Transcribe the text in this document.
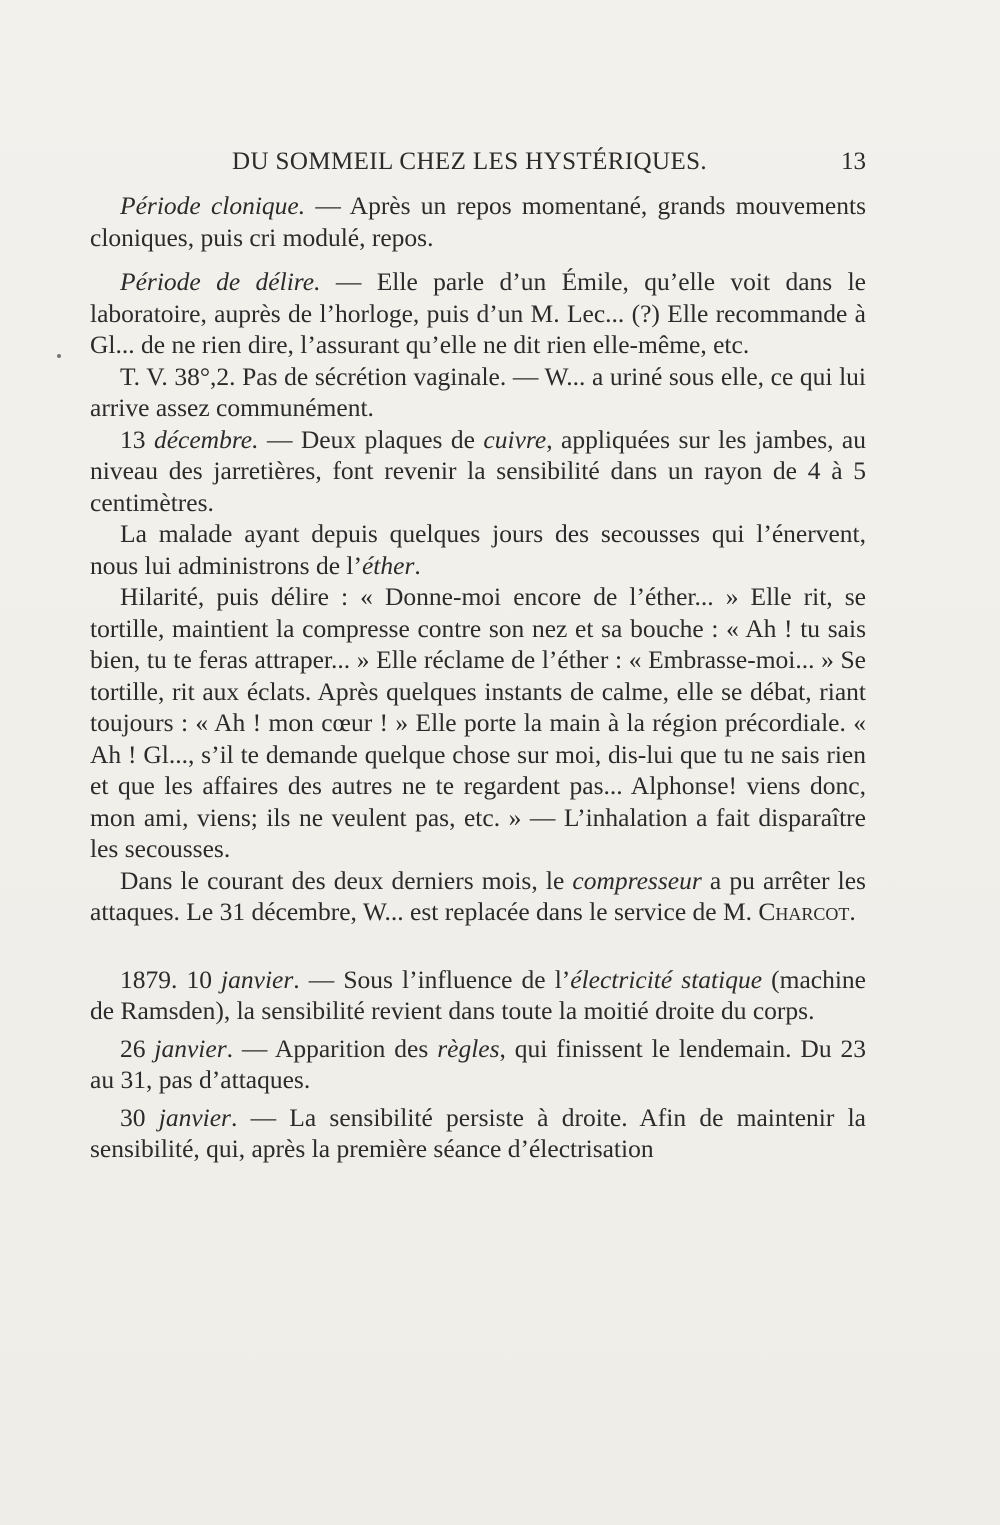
DU SOMMEIL CHEZ LES HYSTÉRIQUES.	13

Période clonique. — Après un repos momentané, grands mouvements cloniques, puis cri modulé, repos.

Période de délire. — Elle parle d’un Émile, qu’elle voit dans le laboratoire, auprès de l’horloge, puis d’un M. Lec... (?) Elle recommande à Gl... de ne rien dire, l’assurant qu’elle ne dit rien elle-même, etc.

T. V. 38°,2. Pas de sécrétion vaginale. — W... a uriné sous elle, ce qui lui arrive assez communément.

13 décembre. — Deux plaques de cuivre, appliquées sur les jambes, au niveau des jarretières, font revenir la sensibilité dans un rayon de 4 à 5 centimètres.

La malade ayant depuis quelques jours des secousses qui l’énervent, nous lui administrons de l’éther.

Hilarité, puis délire : « Donne-moi encore de l’éther... » Elle rit, se tortille, maintient la compresse contre son nez et sa bouche : « Ah ! tu sais bien, tu te feras attraper... » Elle réclame de l’éther : « Embrasse-moi... » Se tortille, rit aux éclats. Après quelques instants de calme, elle se débat, riant toujours : « Ah ! mon cœur ! » Elle porte la main à la région précordiale. « Ah ! Gl..., s’il te demande quelque chose sur moi, dis-lui que tu ne sais rien et que les affaires des autres ne te regardent pas... Alphonse! viens donc, mon ami, viens; ils ne veulent pas, etc. » — L’inhalation a fait disparaître les secousses.

Dans le courant des deux derniers mois, le compresseur a pu arrêter les attaques. Le 31 décembre, W... est replacée dans le service de M. Charcot.

1879. 10 janvier. — Sous l’influence de l’électricité statique (machine de Ramsden), la sensibilité revient dans toute la moitié droite du corps.

26 janvier. — Apparition des règles, qui finissent le lendemain. Du 23 au 31, pas d’attaques.

30 janvier. — La sensibilité persiste à droite. Afin de maintenir la sensibilité, qui, après la première séance d’électrisation
